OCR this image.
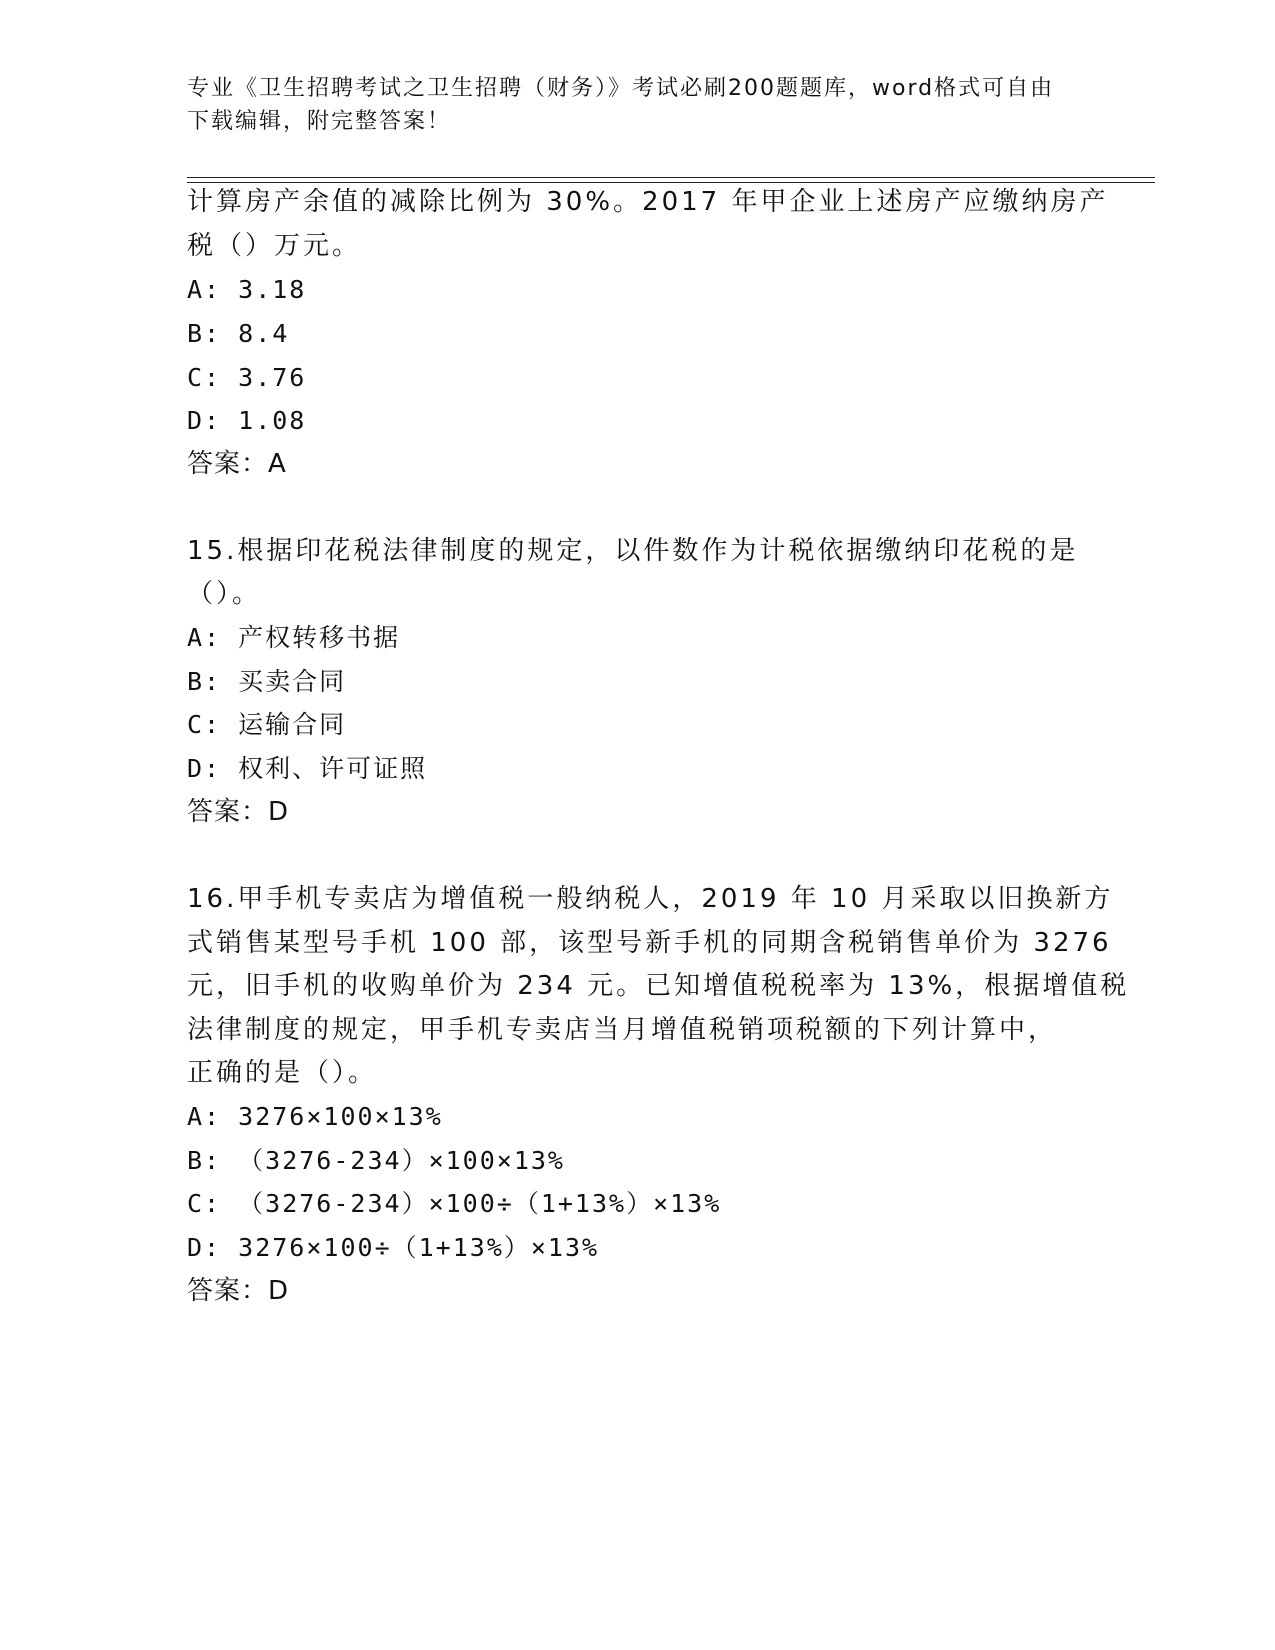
专业《卫生招聘考试之卫生招聘（财务）》考试必刷200题题库，word格式可自由下载编辑，附完整答案！
计算房产余值的减除比例为 30%。2017 年甲企业上述房产应缴纳房产
税（）万元。
A: 3.18
B: 8.4
C: 3.76
D: 1.08
答案：A
15.根据印花税法律制度的规定，以件数作为计税依据缴纳印花税的是
（）。
A: 产权转移书据
B: 买卖合同
C: 运输合同
D: 权利、许可证照
答案：D
16.甲手机专卖店为增值税一般纳税人，2019 年 10 月采取以旧换新方
式销售某型号手机 100 部，该型号新手机的同期含税销售单价为 3276
元，旧手机的收购单价为 234 元。已知增值税税率为 13%，根据增值税
法律制度的规定，甲手机专卖店当月增值税销项税额的下列计算中，
正确的是（）。
A: 3276×100×13%
B: （3276-234）×100×13%
C: （3276-234）×100÷（1+13%）×13%
D: 3276×100÷（1+13%）×13%
答案：D
